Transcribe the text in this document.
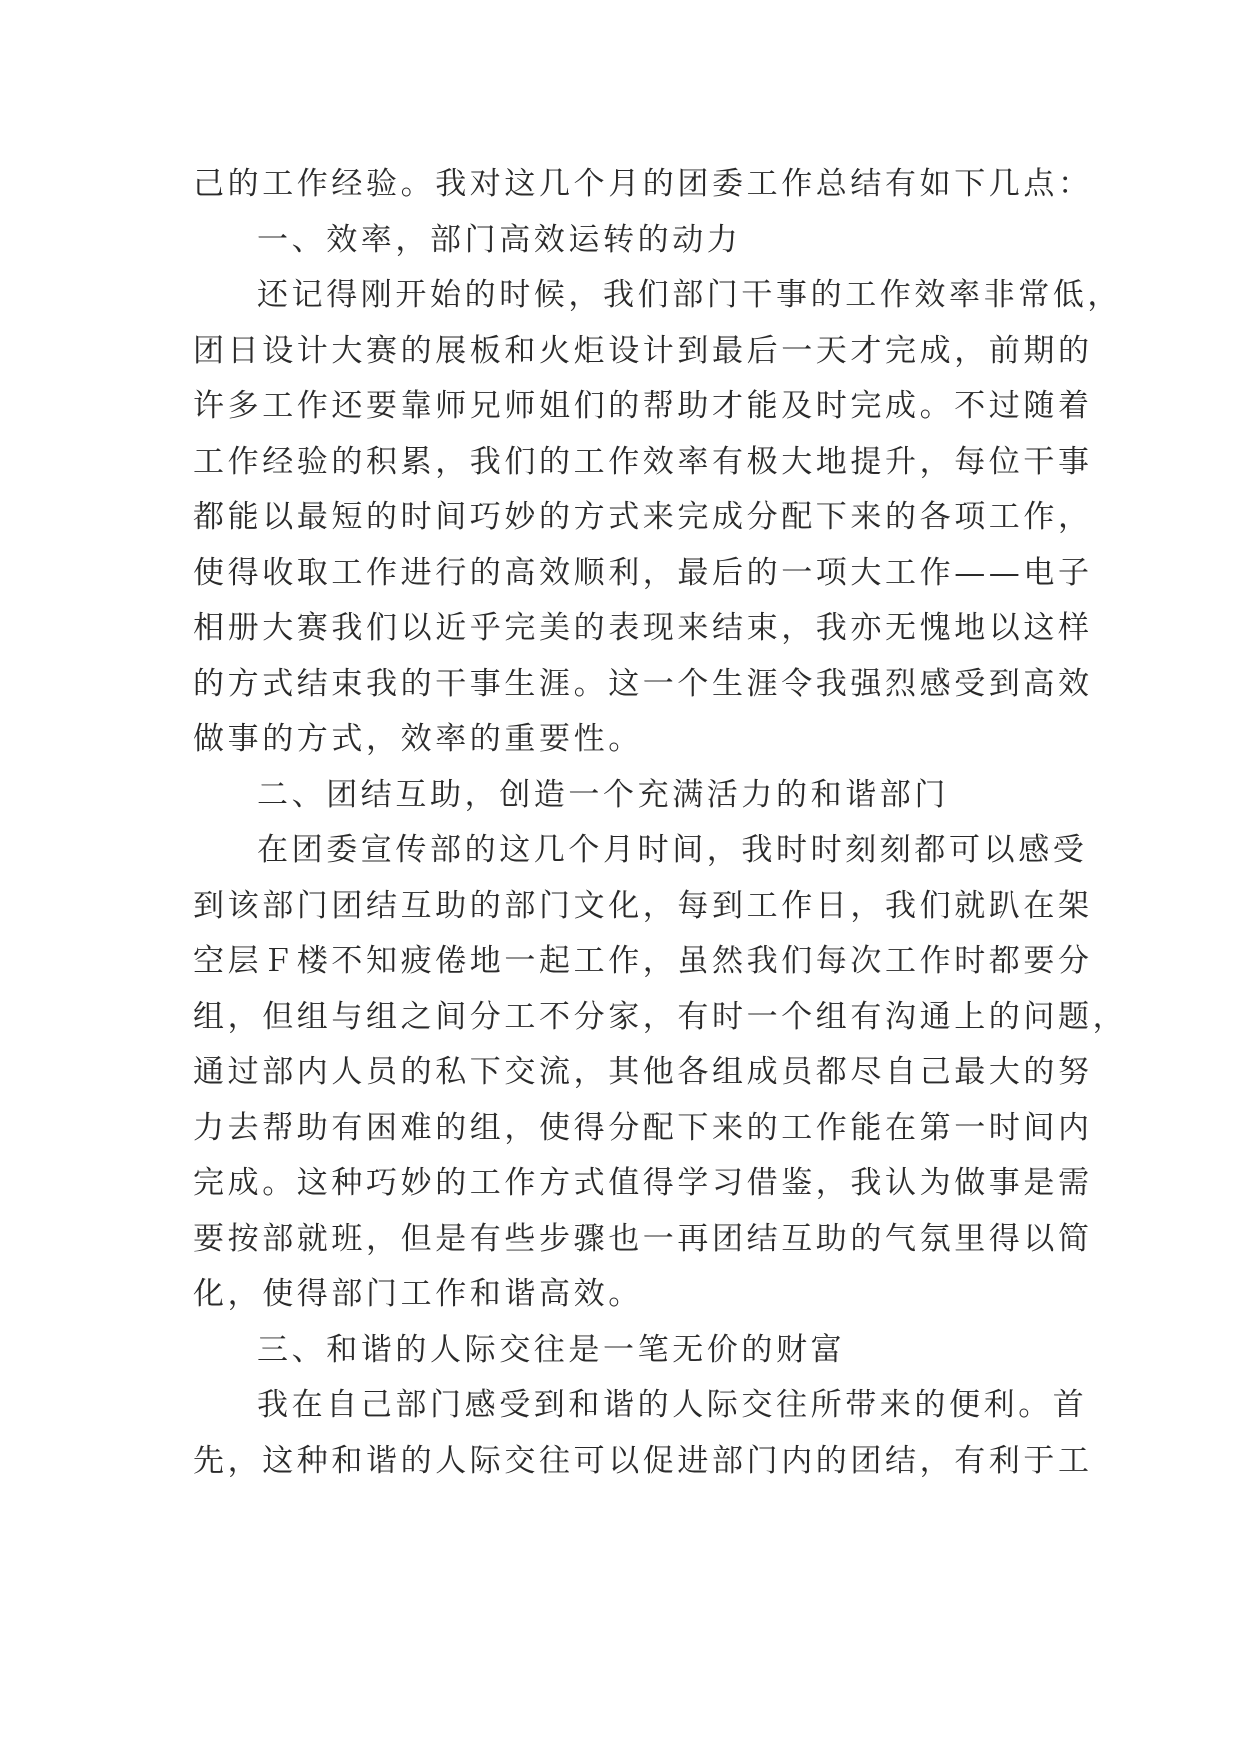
己的工作经验。我对这几个月的团委工作总结有如下几点：
一、效率，部门高效运转的动力
还记得刚开始的时候，我们部门干事的工作效率非常低，
团日设计大赛的展板和火炬设计到最后一天才完成，前期的
许多工作还要靠师兄师姐们的帮助才能及时完成。不过随着
工作经验的积累，我们的工作效率有极大地提升，每位干事
都能以最短的时间巧妙的方式来完成分配下来的各项工作，
使得收取工作进行的高效顺利，最后的一项大工作——电子
相册大赛我们以近乎完美的表现来结束，我亦无愧地以这样
的方式结束我的干事生涯。这一个生涯令我强烈感受到高效
做事的方式，效率的重要性。
二、团结互助，创造一个充满活力的和谐部门
在团委宣传部的这几个月时间，我时时刻刻都可以感受
到该部门团结互助的部门文化，每到工作日，我们就趴在架
空层Ｆ楼不知疲倦地一起工作，虽然我们每次工作时都要分
组，但组与组之间分工不分家，有时一个组有沟通上的问题，
通过部内人员的私下交流，其他各组成员都尽自己最大的努
力去帮助有困难的组，使得分配下来的工作能在第一时间内
完成。这种巧妙的工作方式值得学习借鉴，我认为做事是需
要按部就班，但是有些步骤也一再团结互助的气氛里得以简
化，使得部门工作和谐高效。
三、和谐的人际交往是一笔无价的财富
我在自己部门感受到和谐的人际交往所带来的便利。首
先，这种和谐的人际交往可以促进部门内的团结，有利于工
